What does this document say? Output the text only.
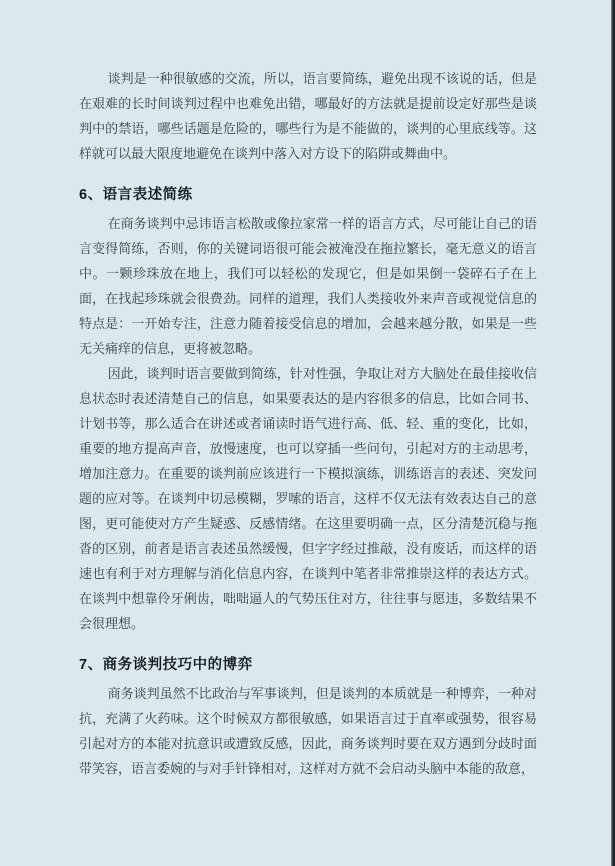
谈判是一种很敏感的交流，所以，语言要简练，避免出现不该说的话，但是在艰难的长时间谈判过程中也难免出错，哪最好的方法就是提前设定好那些是谈判中的禁语，哪些话题是危险的，哪些行为是不能做的，谈判的心里底线等。这样就可以最大限度地避免在谈判中落入对方设下的陷阱或舞曲中。

6、语言表述简练

在商务谈判中忌讳语言松散或像拉家常一样的语言方式，尽可能让自己的语言变得简练，否则，你的关键词语很可能会被淹没在拖拉繁长，毫无意义的语言中。一颗珍珠放在地上，我们可以轻松的发现它，但是如果倒一袋碎石子在上面，在找起珍珠就会很费劲。同样的道理，我们人类接收外来声音或视觉信息的特点是：一开始专注，注意力随着接受信息的增加，会越来越分散，如果是一些无关痛痒的信息，更将被忽略。

因此，谈判时语言要做到简练，针对性强，争取让对方大脑处在最佳接收信息状态时表述清楚自己的信息，如果要表达的是内容很多的信息，比如合同书、计划书等，那么适合在讲述或者诵读时语气进行高、低、轻、重的变化，比如，重要的地方提高声音，放慢速度，也可以穿插一些问句，引起对方的主动思考，增加注意力。在重要的谈判前应该进行一下模拟演练，训练语言的表述、突发问题的应对等。在谈判中切忌模糊，罗嗦的语言，这样不仅无法有效表达自己的意图，更可能使对方产生疑惑、反感情绪。在这里要明确一点，区分清楚沉稳与拖沓的区别，前者是语言表述虽然缓慢，但字字经过推敲，没有废话，而这样的语速也有利于对方理解与消化信息内容，在谈判中笔者非常推崇这样的表达方式。在谈判中想靠伶牙俐齿，咄咄逼人的气势压住对方，往往事与愿违，多数结果不会很理想。

7、商务谈判技巧中的博弈

商务谈判虽然不比政治与军事谈判，但是谈判的本质就是一种博弈，一种对抗，充满了火药味。这个时候双方都很敏感，如果语言过于直率或强势，很容易引起对方的本能对抗意识或遭致反感，因此，商务谈判时要在双方遇到分歧时面带笑容，语言委婉的与对手针锋相对，这样对方就不会启动头脑中本能的敌意，
